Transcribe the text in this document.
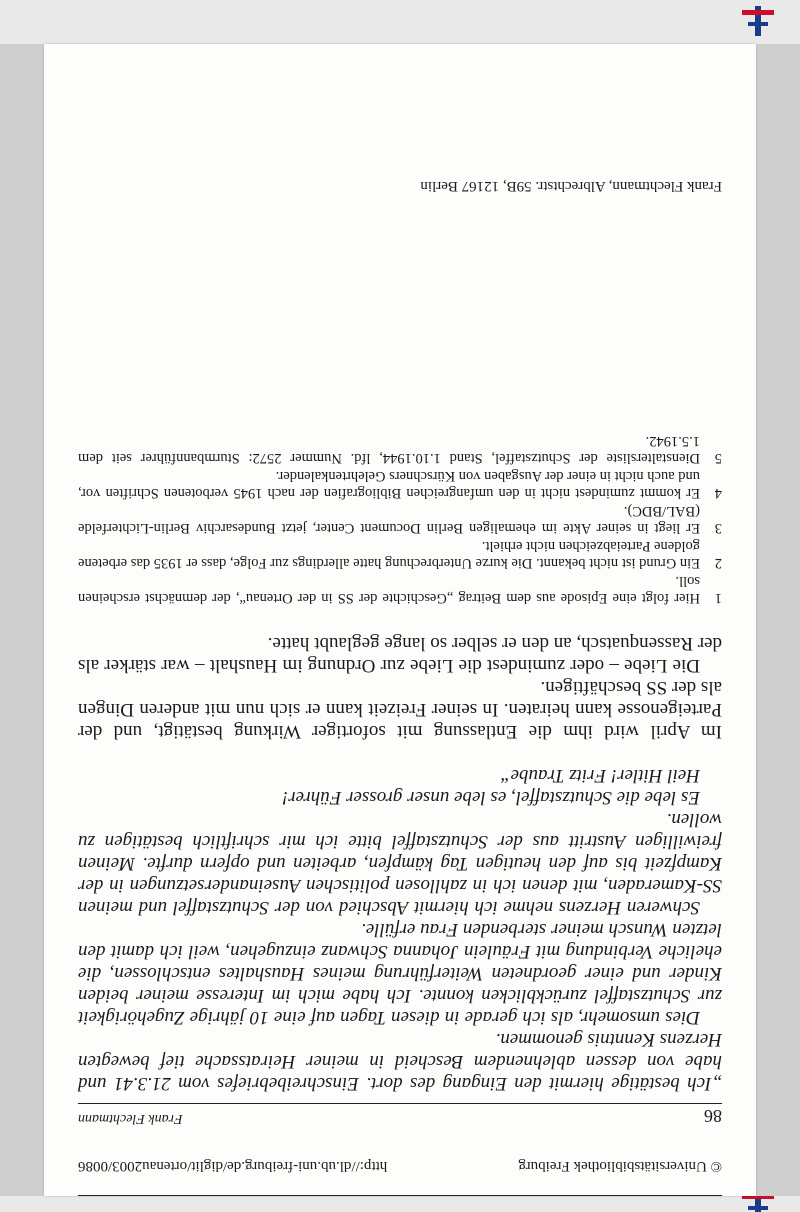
© Universitätsbibliothek Freiburg
http://dl.ub.uni-freiburg.de/diglit/ortenau2003/0086
86
Frank Flechtmann

„Ich bestätige hiermit den Eingang des dort. Einschreibebriefes vom 21.3.41 und habe von dessen ablehnendem Bescheid in meiner Heiratssache tief bewegten Herzens Kenntnis genommen.

Dies umsomehr, als ich gerade in diesen Tagen auf eine 10 jährige Zugehörigkeit zur Schutzstaffel zurückblicken konnte. Ich habe mich im Interesse meiner beiden Kinder und einer geordneten Weiterführung meines Haushaltes entschlossen, die eheliche Verbindung mit Fräulein Johanna Schwanz einzugehen, weil ich damit den letzten Wunsch meiner sterbenden Frau erfülle.

Schweren Herzens nehme ich hiermit Abschied von der Schutzstaffel und meinen SS-Kameraden, mit denen ich in zahllosen politischen Auseinandersetzungen in der Kampfzeit bis auf den heutigen Tag kämpfen, arbeiten und opfern durfte. Meinen freiwilligen Austritt aus der Schutzstaffel bitte ich mir schriftlich bestätigen zu wollen.

Es lebe die Schutzstaffel, es lebe unser grosser Führer!

Heil Hitler! Fritz Traube“

Im April wird ihm die Entlassung mit sofortiger Wirkung bestätigt, und der Parteigenosse kann heiraten. In seiner Freizeit kann er sich nun mit anderen Dingen als der SS beschäftigen.

Die Liebe – oder zumindest die Liebe zur Ordnung im Haushalt – war stärker als der Rassenquatsch, an den er selber so lange geglaubt hatte.

1
Hier folgt eine Episode aus dem Beitrag „Geschichte der SS in der Ortenau“, der demnächst erscheinen soll.
2
Ein Grund ist nicht bekannt. Die kurze Unterbrechung hatte allerdings zur Folge, dass er 1935 das erbetene goldene Parteiabzeichen nicht erhielt.
3
Er liegt in seiner Akte im ehemaligen Berlin Document Center, jetzt Bundesarchiv Berlin-Lichterfelde (BAL/BDC).
4
Er kommt zumindest nicht in den umfangreichen Bibliografien der nach 1945 verbotenen Schriften vor, und auch nicht in einer der Ausgaben von Kürschners Gelehrtenkalender.
5
Dienstaltersliste der Schutzstaffel, Stand 1.10.1944, lfd. Nummer 2572: Sturmbannführer seit dem 1.5.1942.
Frank Flechtmann, Albrechtstr. 59B, 12167 Berlin
